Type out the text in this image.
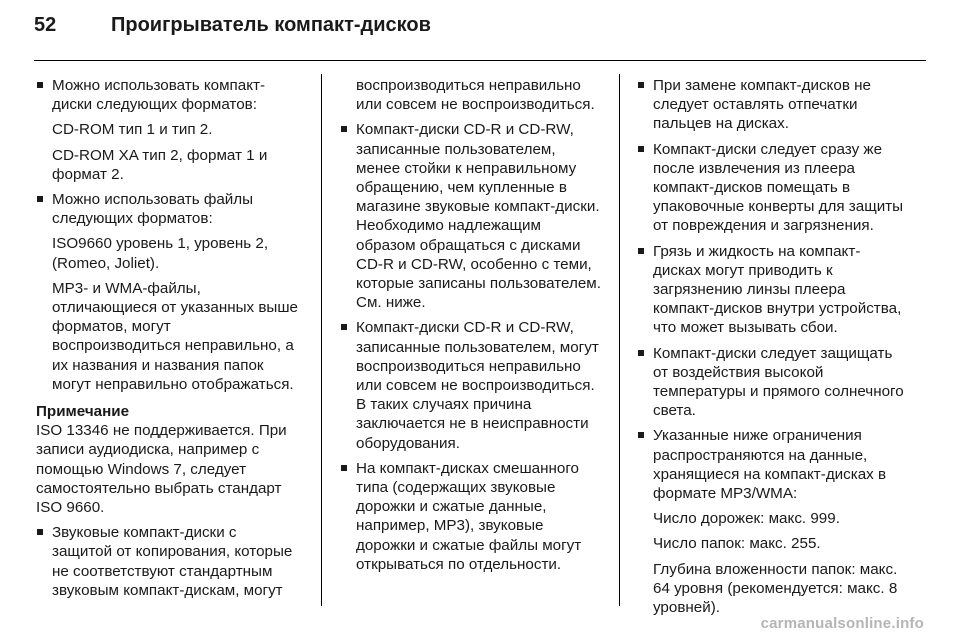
52	Проигрыватель компакт-дисков
Можно использовать компакт-диски следующих форматов:
CD-ROM тип 1 и тип 2.
CD-ROM XA тип 2, формат 1 и формат 2.
Можно использовать файлы следующих форматов:
ISO9660 уровень 1, уровень 2, (Romeo, Joliet).
MP3- и WMA-файлы, отличающиеся от указанных выше форматов, могут воспроизводиться неправильно, а их названия и названия папок могут неправильно отображаться.
Примечание
ISO 13346 не поддерживается. При записи аудиодиска, например с помощью Windows 7, следует самостоятельно выбрать стандарт ISO 9660.
Звуковые компакт-диски с защитой от копирования, которые не соответствуют стандартным звуковым компакт-дискам, могут
воспроизводиться неправильно или совсем не воспроизводиться.
Компакт-диски CD-R и CD-RW, записанные пользователем, менее стойки к неправильному обращению, чем купленные в магазине звуковые компакт-диски. Необходимо надлежащим образом обращаться с дисками CD-R и CD-RW, особенно с теми, которые записаны пользователем. См. ниже.
Компакт-диски CD-R и CD-RW, записанные пользователем, могут воспроизводиться неправильно или совсем не воспроизводиться. В таких случаях причина заключается не в неисправности оборудования.
На компакт-дисках смешанного типа (содержащих звуковые дорожки и сжатые данные, например, MP3), звуковые дорожки и сжатые файлы могут открываться по отдельности.
При замене компакт-дисков не следует оставлять отпечатки пальцев на дисках.
Компакт-диски следует сразу же после извлечения из плеера компакт-дисков помещать в упаковочные конверты для защиты от повреждения и загрязнения.
Грязь и жидкость на компакт-дисках могут приводить к загрязнению линзы плеера компакт-дисков внутри устройства, что может вызывать сбои.
Компакт-диски следует защищать от воздействия высокой температуры и прямого солнечного света.
Указанные ниже ограничения распространяются на данные, хранящиеся на компакт-дисках в формате MP3/WMA:
Число дорожек: макс. 999.
Число папок: макс. 255.
Глубина вложенности папок: макс. 64 уровня (рекомендуется: макс. 8 уровней).
carmanualsonline.info
